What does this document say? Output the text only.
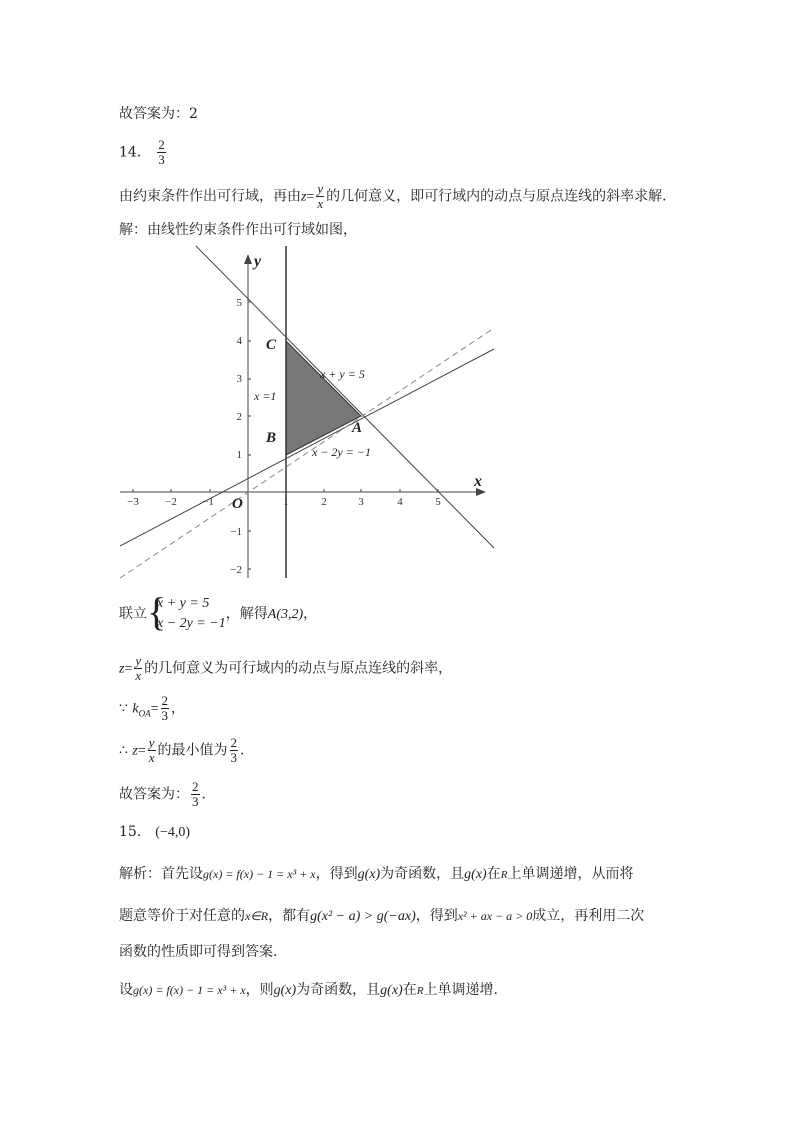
故答案为：2
14． $\frac{2}{3}$
由约束条件作出可行域，再由$z= \frac{y}{x}$ 的几何意义，即可行域内的动点与原点连线的斜率求解．
解：由线性约束条件作出可行域如图，
−3 −2 −1	1	2	3	4	5
5
4
3
2
1
−1
−2
y
x
O
C
B
A
x + y = 5
x − 2y = −1
x =1
联立 {
x + y = 5
x − 2y = −1
，解得A(3,2)，
$z= \frac{y}{x}$ 的几何意义为可行域内的动点与原点连线的斜率，
∵ $k_{OA}= \frac{2}{3}$ ，
∴ $z= \frac{y}{x}$ 的最小值为 $\frac{2}{3}$ ．
故答案为： $\frac{2}{3}$ ．
15． (−4,0)
解析：首先设g(x) = f(x) − 1 = x³ + x，得到g(x)为奇函数，且g(x)在R上单调递增，从而将
题意等价于对任意的x∈R，都有g(x² − a) > g(−ax)，得到x² + ax − a > 0成立，再利用二次
函数的性质即可得到答案.
设g(x) = f(x) − 1 = x³ + x，则g(x)为奇函数，且g(x)在R上单调递增.
